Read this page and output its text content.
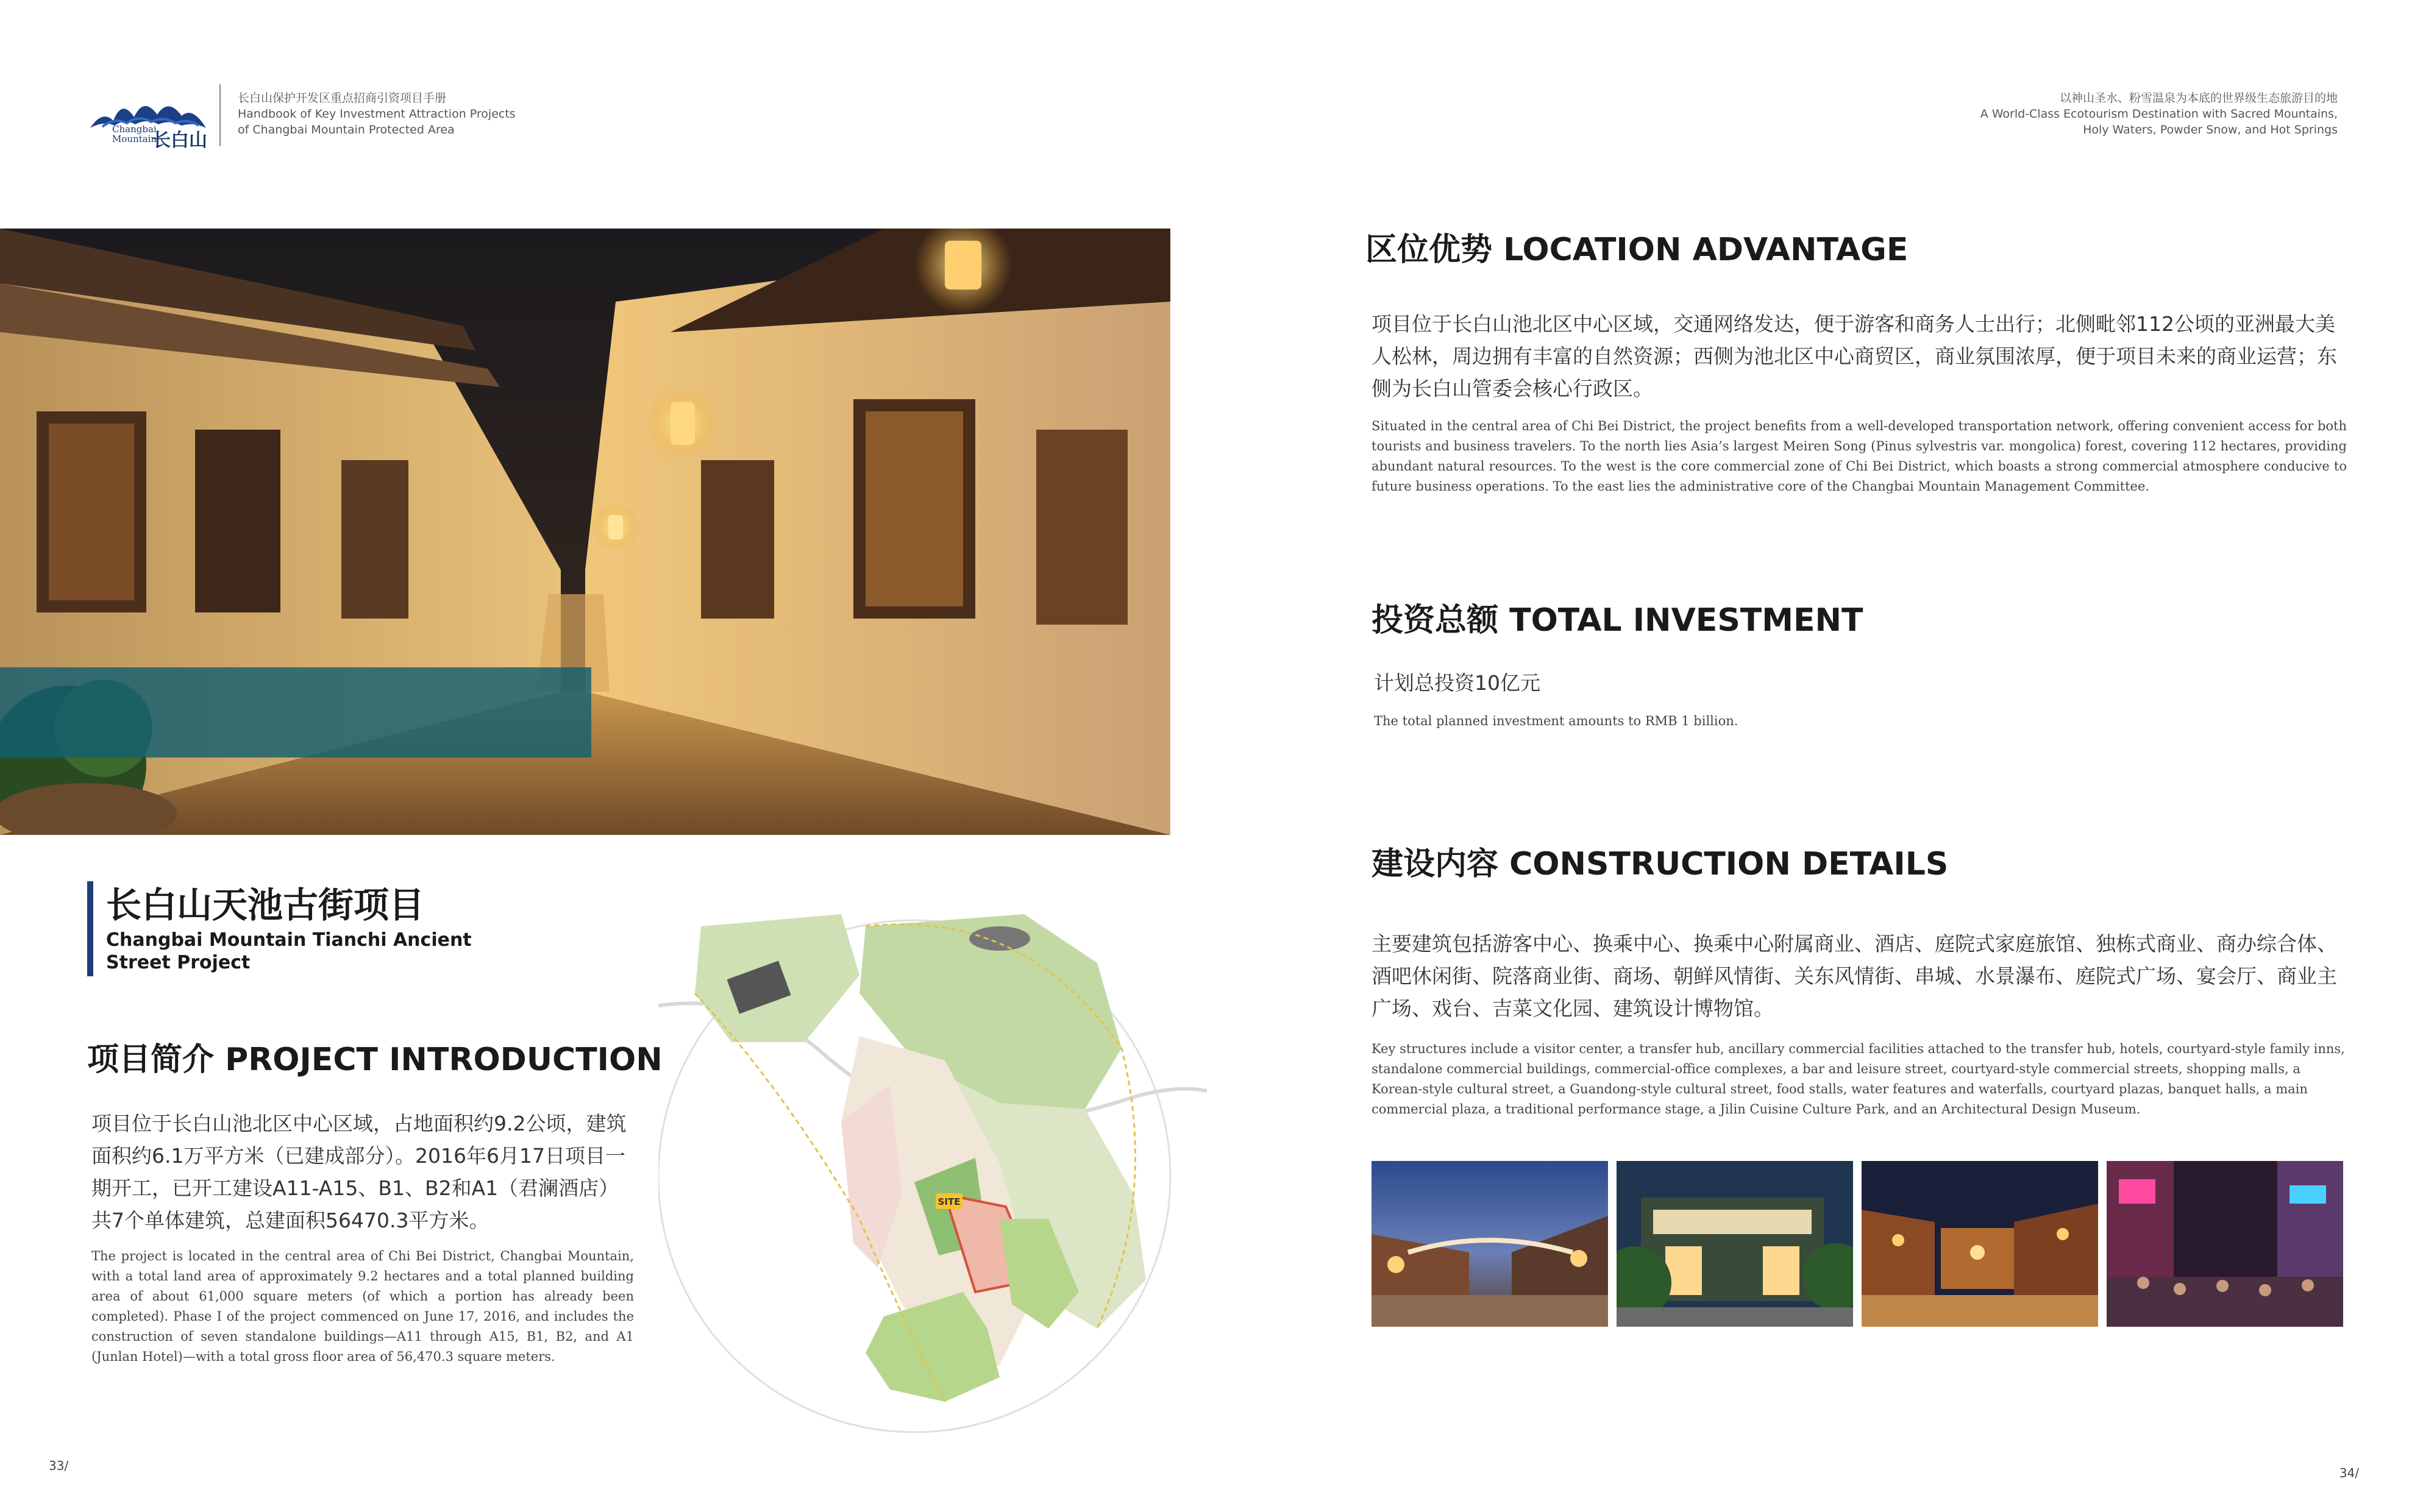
Changbai Mountain
长白山
长白山保护开发区重点招商引资项目手册
Handbook of Key Investment Attraction Projects
of Changbai Mountain Protected Area
以神山圣水、粉雪温泉为本底的世界级生态旅游目的地
A World-Class Ecotourism Destination with Sacred Mountains,
Holy Waters, Powder Snow, and Hot Springs
长白山天池古街项目
Changbai Mountain Tianchi Ancient
Street Project
项目简介 PROJECT INTRODUCTION
项目位于长白山池北区中心区域，占地面积约9.2公顷，建筑面积约6.1万平方米（已建成部分）。2016年6月17日项目一期开工，已开工建设A11-A15、B1、B2和A1（君澜酒店）共7个单体建筑，总建面积56470.3平方米。
The project is located in the central area of Chi Bei District, Changbai Mountain, with a total land area of approximately 9.2 hectares and a total planned building area of about 61,000 square meters (of which a portion has already been completed). Phase I of the project commenced on June 17, 2016, and includes the construction of seven standalone buildings—A11 through A15, B1, B2, and A1 (Junlan Hotel)—with a total gross floor area of 56,470.3 square meters.
SITE
区位优势 LOCATION ADVANTAGE
项目位于长白山池北区中心区域，交通网络发达，便于游客和商务人士出行；北侧毗邻112公顷的亚洲最大美人松林，周边拥有丰富的自然资源；西侧为池北区中心商贸区，商业氛围浓厚，便于项目未来的商业运营；东侧为长白山管委会核心行政区。
Situated in the central area of Chi Bei District, the project benefits from a well-developed transportation network, offering convenient access for both tourists and business travelers. To the north lies Asia’s largest Meiren Song (Pinus sylvestris var. mongolica) forest, covering 112 hectares, providing abundant natural resources. To the west is the core commercial zone of Chi Bei District, which boasts a strong commercial atmosphere conducive to future business operations. To the east lies the administrative core of the Changbai Mountain Management Committee.
投资总额 TOTAL INVESTMENT
计划总投资10亿元
The total planned investment amounts to RMB 1 billion.
建设内容 CONSTRUCTION DETAILS
主要建筑包括游客中心、换乘中心、换乘中心附属商业、酒店、庭院式家庭旅馆、独栋式商业、商办综合体、酒吧休闲街、院落商业街、商场、朝鲜风情街、关东风情街、串城、水景瀑布、庭院式广场、宴会厅、商业主广场、戏台、吉菜文化园、建筑设计博物馆。
Key structures include a visitor center, a transfer hub, ancillary commercial facilities attached to the transfer hub, hotels, courtyard-style family inns, standalone commercial buildings, commercial-office complexes, a bar and leisure street, courtyard-style commercial streets, shopping malls, a Korean-style cultural street, a Guandong-style cultural street, food stalls, water features and waterfalls, courtyard plazas, banquet halls, a main commercial plaza, a traditional performance stage, a Jilin Cuisine Culture Park, and an Architectural Design Museum.
33/	34/
